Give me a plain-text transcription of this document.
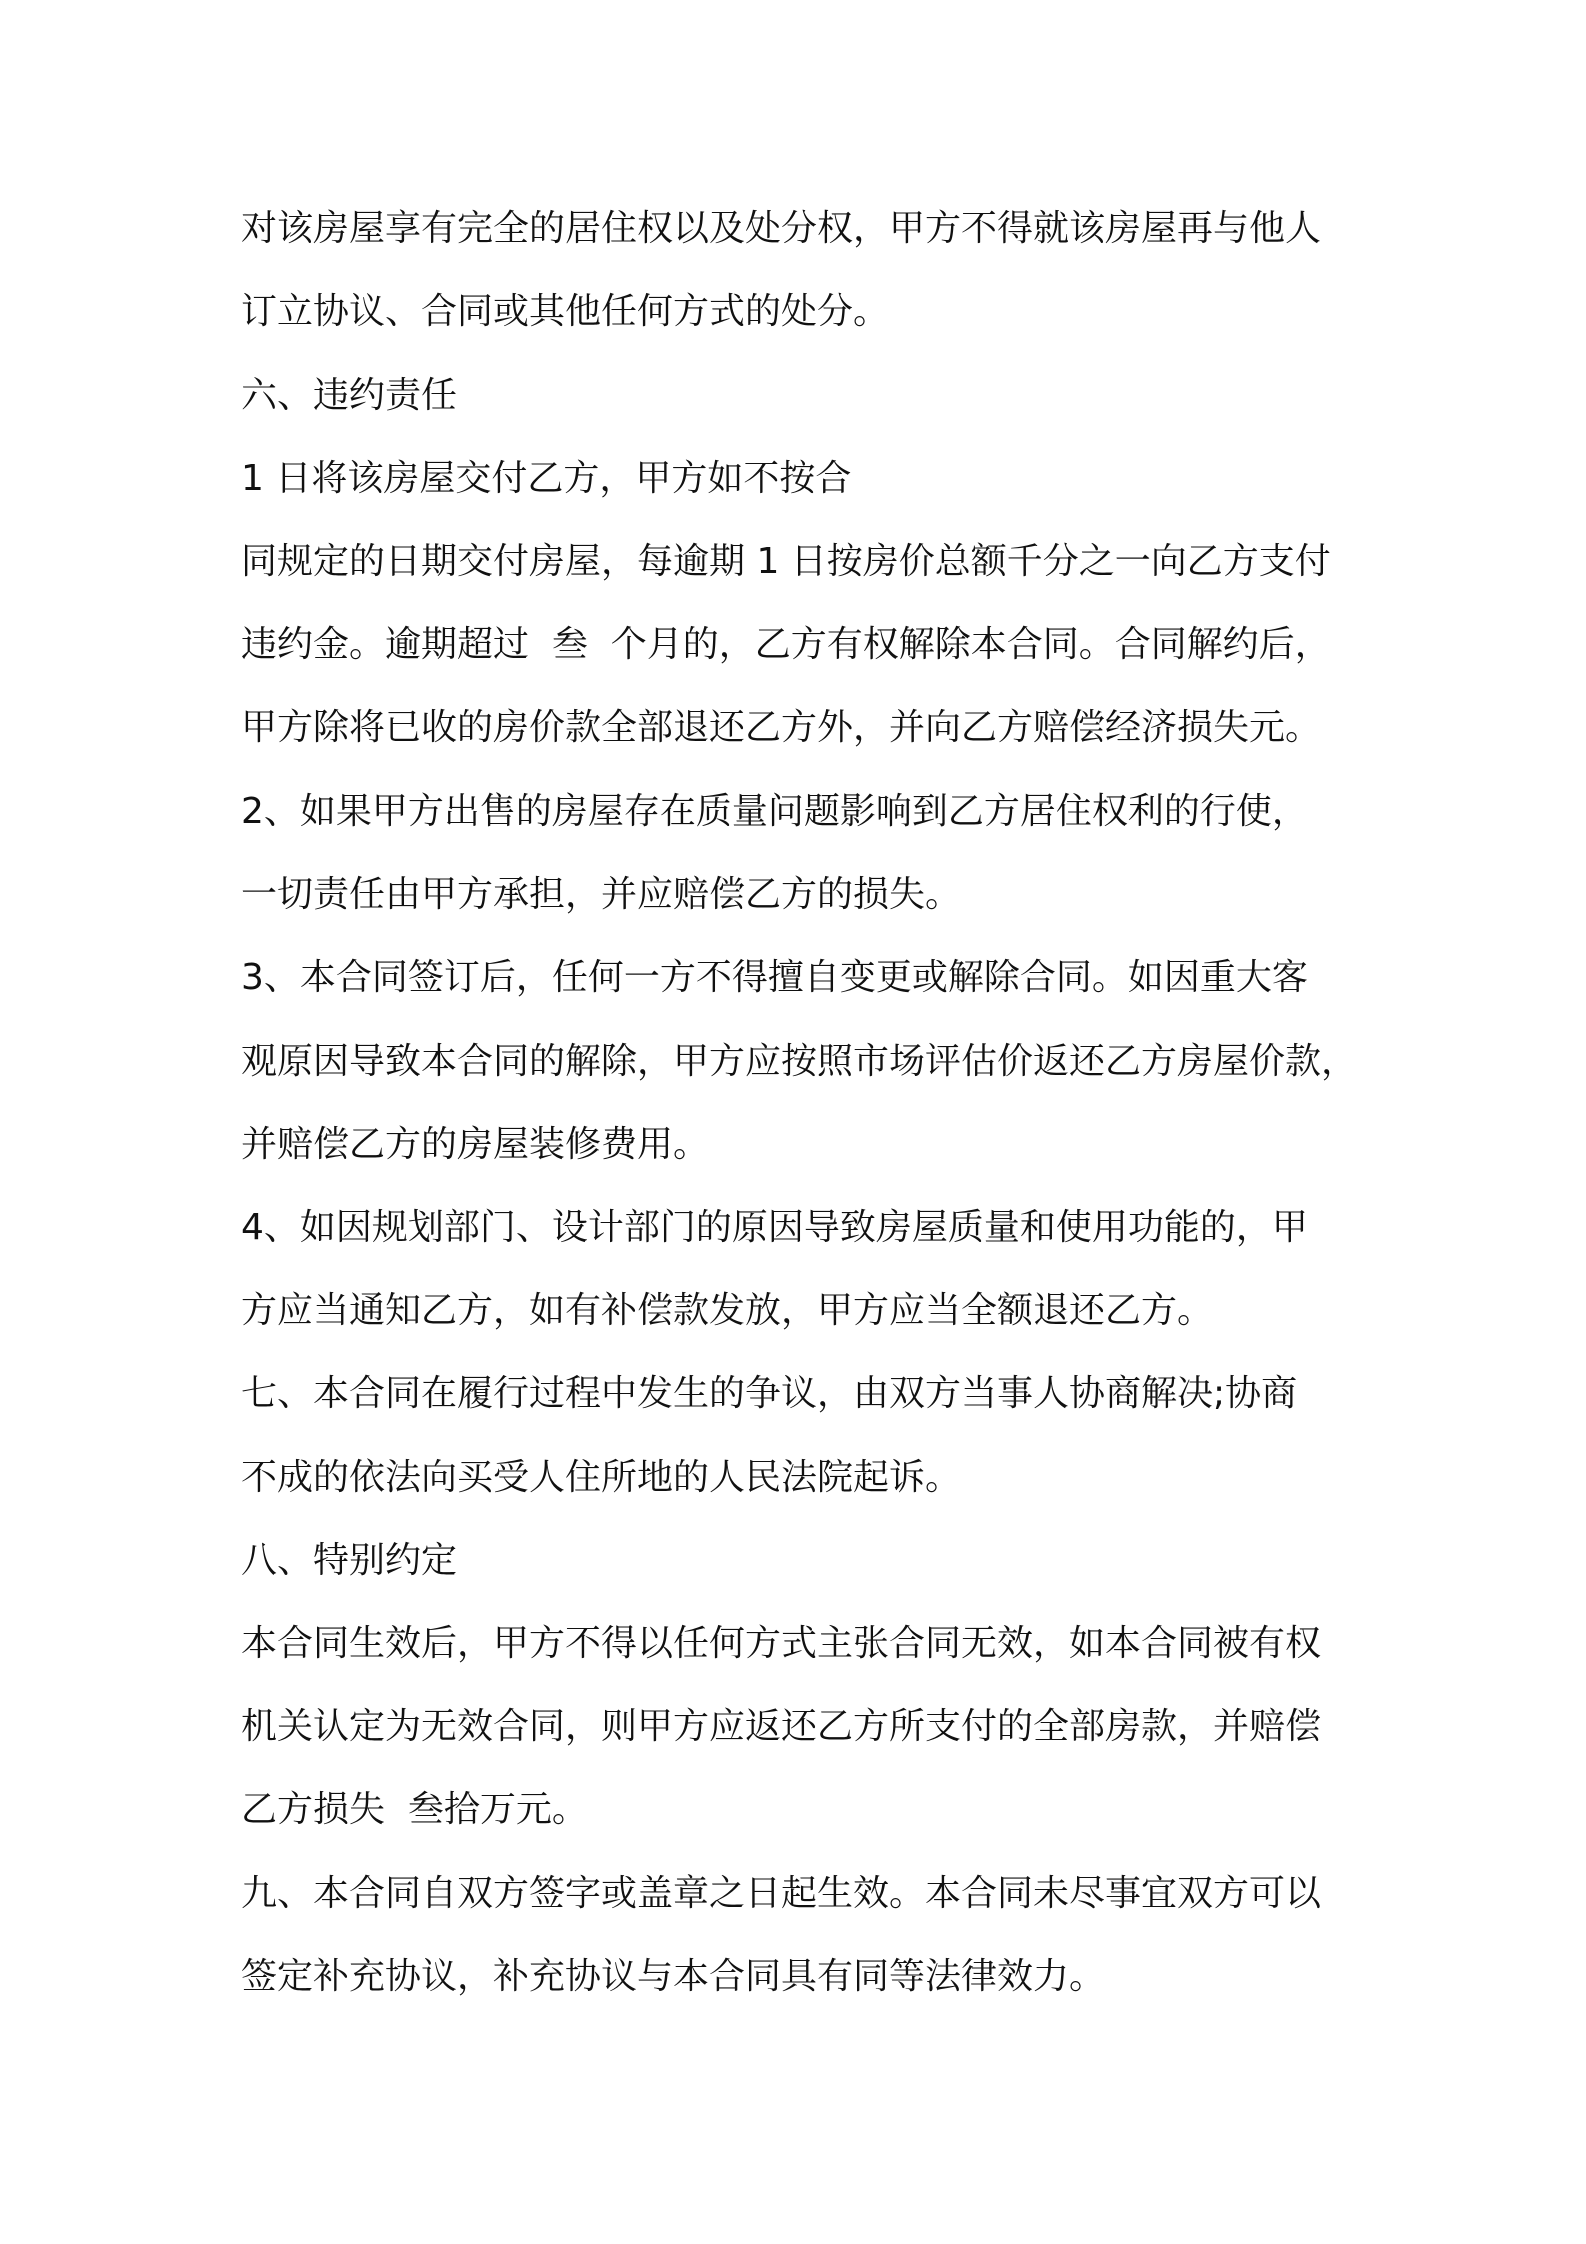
对该房屋享有完全的居住权以及处分权，甲方不得就该房屋再与他人

订立协议、合同或其他任何方式的处分。

六、违约责任

1 日将该房屋交付乙方，甲方如不按合

同规定的日期交付房屋，每逾期 1 日按房价总额千分之一向乙方支付

违约金。逾期超过  叁  个月的，乙方有权解除本合同。合同解约后，

甲方除将已收的房价款全部退还乙方外，并向乙方赔偿经济损失元。

2、如果甲方出售的房屋存在质量问题影响到乙方居住权利的行使，

一切责任由甲方承担，并应赔偿乙方的损失。

3、本合同签订后，任何一方不得擅自变更或解除合同。如因重大客

观原因导致本合同的解除，甲方应按照市场评估价返还乙方房屋价款，

并赔偿乙方的房屋装修费用。

4、如因规划部门、设计部门的原因导致房屋质量和使用功能的，甲

方应当通知乙方，如有补偿款发放，甲方应当全额退还乙方。

七、本合同在履行过程中发生的争议，由双方当事人协商解决;协商

不成的依法向买受人住所地的人民法院起诉。

八、特别约定

本合同生效后，甲方不得以任何方式主张合同无效，如本合同被有权

机关认定为无效合同，则甲方应返还乙方所支付的全部房款，并赔偿

乙方损失  叁拾万元。

九、本合同自双方签字或盖章之日起生效。本合同未尽事宜双方可以

签定补充协议，补充协议与本合同具有同等法律效力。
